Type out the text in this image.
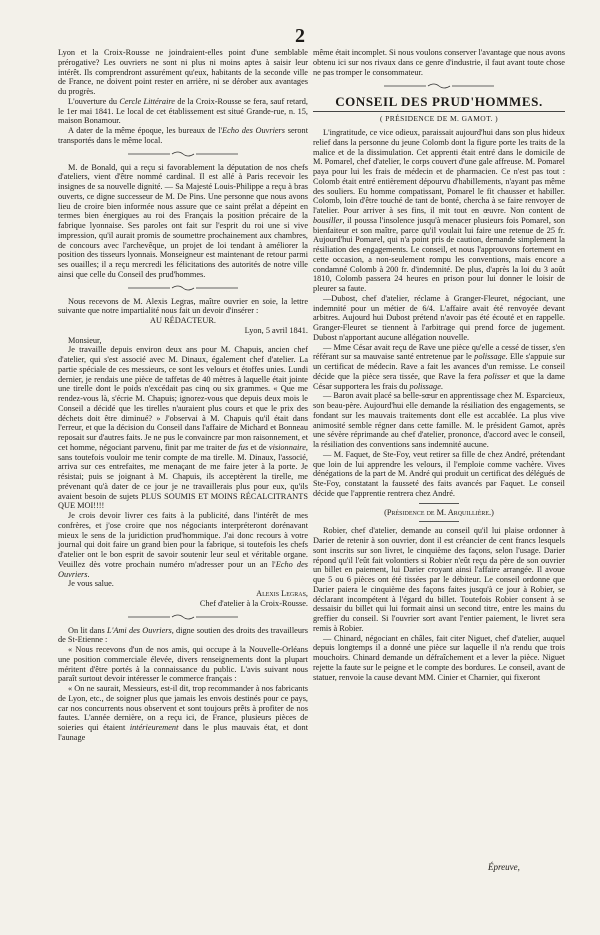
2

Lyon et la Croix-Rousse ne joindraient-elles point d'une semblable prérogative? Les ouvriers ne sont ni plus ni moins aptes à saisir leur intérêt. Ils comprendront assurément qu'eux, habitants de la seconde ville de France, ne doivent point rester en arrière, ni se dérober aux avantages du progrès.

L'ouverture du Cercle Littéraire de la Croix-Rousse se fera, sauf retard, le 1er mai 1841. Le local de cet établissement est situé Grande-rue, n. 15, maison Bonamour.

A dater de la même époque, les bureaux de l'Echo des Ouvriers seront transportés dans le même local.

M. de Bonald, qui a reçu si favorablement la députation de nos chefs d'ateliers, vient d'être nommé cardinal. Il est allé à Paris recevoir les insignes de sa nouvelle dignité. — Sa Majesté Louis-Philippe a reçu à bras ouverts, ce digne successeur de M. De Pins. Une personne que nous avons lieu de croire bien informée nous assure que ce saint prélat a dépeint en termes bien énergiques au roi des Français la position précaire de la fabrique lyonnaise. Ses paroles ont fait sur l'esprit du roi une si vive impression, qu'il aurait promis de soumettre prochainement aux chambres, de concours avec l'archevêque, un projet de loi tendant à améliorer la position des tisseurs lyonnais. Monseigneur est maintenant de retour parmi ses ouailles; il a reçu mercredi les félicitations des autorités de notre ville ainsi que celle du Conseil des prud'hommes.

Nous recevons de M. Alexis Legras, maître ouvrier en soie, la lettre suivante que notre impartialité nous fait un devoir d'insérer :

AU RÉDACTEUR.

Lyon, 5 avril 1841.

Monsieur,

Je travaille depuis environ deux ans pour M. Chapuis, ancien chef d'atelier, qui s'est associé avec M. Dinaux, également chef d'atelier. La partie spéciale de ces messieurs, ce sont les velours et étoffes unies. Lundi dernier, je rendais une pièce de taffetas de 40 mètres à laquelle était jointe une tirelle dont le poids n'excédait pas cinq ou six grammes. « Que me rendez-vous là, s'écrie M. Chapuis; ignorez-vous que depuis deux mois le Conseil a décidé que les tirelles n'auraient plus cours et que le prix des déchets doit être diminué? » J'observai à M. Chapuis qu'il était dans l'erreur, et que la décision du Conseil dans l'affaire de Michard et Bonneau reposait sur d'autres faits. Je ne pus le convaincre par mon raisonnement, et cet homme, négociant parvenu, finit par me traiter de fus et de visionnaire, sans toutefois vouloir me tenir compte de ma tirelle. M. Dinaux, l'associé, arriva sur ces entrefaites, me menaçant de me faire jeter à la porte. Je résistai; puis se joignant à M. Chapuis, ils acceptèrent la tirelle, me prévenant qu'à dater de ce jour je ne travaillerais plus pour eux, qu'ils avaient besoin de sujets PLUS SOUMIS ET MOINS RÉCALCITRANTS QUE MOI!!!!

Je crois devoir livrer ces faits à la publicité, dans l'intérêt de mes confrères, et j'ose croire que nos négociants interpréteront dorénavant mieux le sens de la juridiction prud'hommique. J'ai donc recours à votre journal qui doit faire un grand bien pour la fabrique, si toutefois les chefs d'atelier ont le bon esprit de savoir soutenir leur seul et véritable organe. Veuillez dès votre prochain numéro m'adresser pour un an l'Echo des Ouvriers.

Je vous salue.

Alexis Legras,

Chef d'atelier à la Croix-Rousse.

On lit dans L'Ami des Ouvriers, digne soutien des droits des travailleurs de St-Etienne :

« Nous recevons d'un de nos amis, qui occupe à la Nouvelle-Orléans une position commerciale élevée, divers renseignements dont la plupart méritent d'être portés à la connaissance du public. L'avis suivant nous paraît surtout devoir intéresser le commerce français :

« On ne saurait, Messieurs, est-il dit, trop recommander à nos fabricants de Lyon, etc., de soigner plus que jamais les envois destinés pour ce pays, car nos concurrents nous observent et sont toujours prêts à profiter de nos fautes. L'année dernière, on a reçu ici, de France, plusieurs pièces de soieries qui étaient intérieurement dans le plus mauvais état, et dont l'aunage

même était incomplet. Si nous voulons conserver l'avantage que nous avons obtenu ici sur nos rivaux dans ce genre d'industrie, il faut avant toute chose ne pas tromper le consommateur.

CONSEIL DES PRUD'HOMMES.
( PRÉSIDENCE DE M. GAMOT. )

L'ingratitude, ce vice odieux, paraissait aujourd'hui dans son plus hideux relief dans la personne du jeune Colomb dont la figure porte les traits de la malice et de la dissimulation. Cet apprenti était entré dans le domicile de M. Pomarel, chef d'atelier, le corps couvert d'une gale affreuse. M. Pomarel paya pour lui les frais de médecin et de pharmacien. Ce n'est pas tout : Colomb était entré entièrement dépourvu d'habillements, n'ayant pas même des souliers. Eu homme compatissant, Pomarel le fit chausser et habiller. Colomb, loin d'être touché de tant de bonté, chercha à se faire renvoyer de l'atelier. Pour arriver à ses fins, il mit tout en œuvre. Non content de bousiller, il poussa l'insolence jusqu'à menacer plusieurs fois Pomarel, son bienfaiteur et son maître, parce qu'il voulait lui faire une retenue de 25 fr. Aujourd'hui Pomarel, qui n'a point pris de caution, demande simplement la résiliation des engagements. Le conseil, et nous l'approuvons fortement en cette occasion, a non-seulement rompu les conventions, mais encore a condamné Colomb à 200 fr. d'indemnité. De plus, d'après la loi du 3 août 1810, Colomb passera 24 heures en prison pour lui donner le loisir de pleurer sa faute.

—Dubost, chef d'atelier, réclame à Granger-Fleuret, négociant, une indemnité pour un métier de 6/4. L'affaire avait été renvoyée devant arbitres. Aujourd hui Dubost prétend n'avoir pas été écouté et en rappelle. Granger-Fleuret se tiennent à l'arbitrage qui prend force de jugement. Dubost n'apportant aucune allégation nouvelle.

— Mme César avait reçu de Rave une pièce qu'elle a cessé de tisser, s'en référant sur sa mauvaise santé entretenue par le polissage. Elle s'appuie sur un certificat de médecin. Rave a fait les avances d'un remisse. Le conseil décide que la pièce sera tissée, que Rave la fera polisser et que la dame César supportera les frais du polissage.

— Baron avait placé sa belle-sœur en apprentissage chez M. Esparcieux, son beau-père. Aujourd'hui elle demande la résiliation des engagements, se fondant sur les mauvais traitements dont elle est accablée. La plus vive animosité semble régner dans cette famille. M. le président Gamot, après une sévère réprimande au chef d'atelier, prononce, d'accord avec le conseil, la résiliation des conventions sans indemnité aucune.

— M. Faquet, de Ste-Foy, veut retirer sa fille de chez André, prétendant que loin de lui apprendre les velours, il l'emploie comme vachère. Vives dénégations de la part de M. André qui produit un certificat des délégués de Ste-Foy, constatant la fausseté des faits avancés par Faquet. Le conseil décide que l'apprentie rentrera chez André.

(Présidence de M. Arquillière.)

Robier, chef d'atelier, demande au conseil qu'il lui plaise ordonner à Darier de retenir à son ouvrier, dont il est créancier de cent francs lesquels sont inscrits sur son livret, le cinquième des façons, selon l'usage. Darier répond qu'il l'eût fait volontiers si Robier n'eût reçu da père de son ouvrier un billet en paiement, lui Darier croyant ainsi l'affaire arrangée. Il avoue que 5 ou 6 pièces ont été tissées par le débiteur. Le conseil ordonne que Darier paiera le cinquième des façons faites jusqu'à ce jour à Robier, se déclarant incompétent à l'égard du billet. Toutefois Robier consent à se dessaisir du billet qui lui formait ainsi un second titre, entre les mains du greffier du conseil. Si l'ouvrier sort avant l'entier paiement, le livret sera remis à Robier.

— Chinard, négociant en châles, fait citer Niguet, chef d'atelier, auquel depuis longtemps il a donné une pièce sur laquelle il n'a rendu que trois mouchoirs. Chinard demande un défraîchement et a lever la pièce. Niguet rejette la faute sur le peigne et le compte des bordures. Le conseil, avant de statuer, renvoie la cause devant MM. Cinier et Charnier, qui fixeront

Épreuve,
